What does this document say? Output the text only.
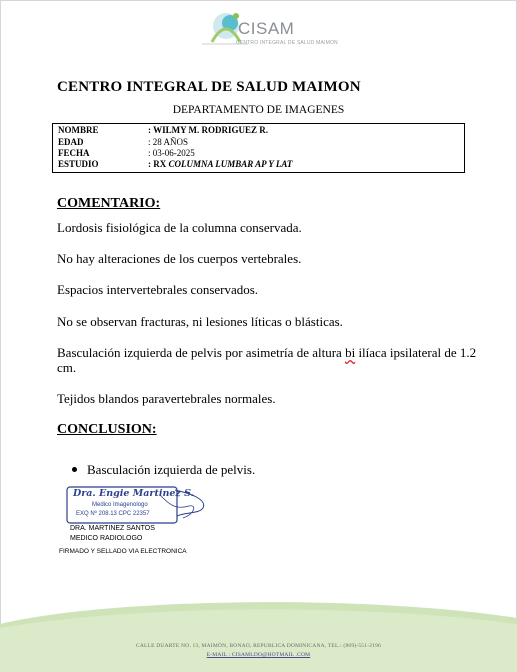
CISAM
CENTRO INTEGRAL DE SALUD MAIMON
CENTRO INTEGRAL DE SALUD MAIMON
DEPARTAMENTO DE IMAGENES
NOMBRE	: WILMY M. RODRIGUEZ R.
EDAD	: 28 AÑOS
FECHA	: 03-06-2025
ESTUDIO	: RX COLUMNA LUMBAR AP Y LAT
COMENTARIO:
Lordosis fisiológica de la columna conservada.
No hay alteraciones de los cuerpos vertebrales.
Espacios intervertebrales conservados.
No se observan fracturas, ni lesiones líticas o blásticas.
Basculación izquierda de pelvis por asimetría de altura bi ilíaca ipsilateral de 1.2 cm.
Tejidos blandos paravertebrales normales.
CONCLUSION:
Basculación izquierda de pelvis.
Dra. Engie Martinez S.
Medico Imagenologo
EXQ Nº 208.13 CPC 22357
DRA. MARTINEZ SANTOS
MEDICO RADIOLOGO
FIRMADO Y SELLADO VIA ELECTRONICA
CALLE DUARTE NO. 13, MAIMÓN, BONAO, REPUBLICA DOMINICANA, TEL.: (809)-551-2196
E-MAIL : CISAMLDO@HOTMAIL .COM
